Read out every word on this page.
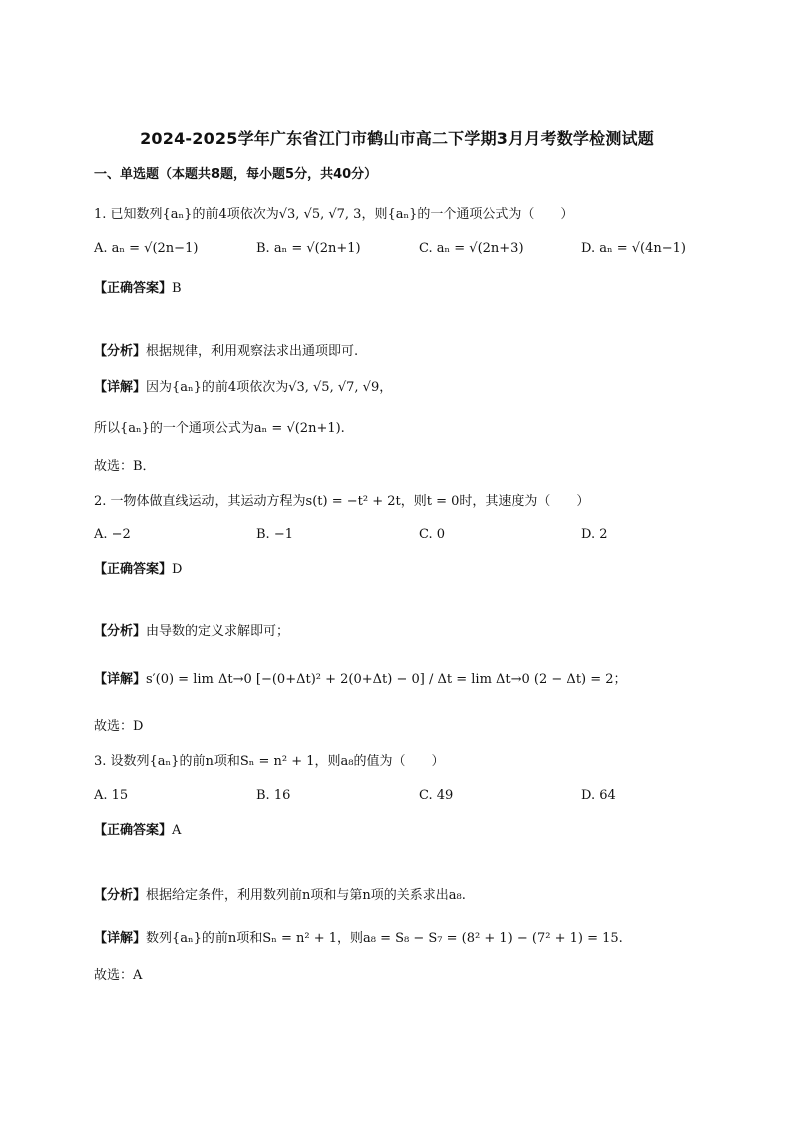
2024-2025学年广东省江门市鹤山市高二下学期3月月考数学检测试题
一、单选题（本题共8题，每小题5分，共40分）
1. 已知数列{aₙ}的前4项依次为√3, √5, √7, 3，则{aₙ}的一个通项公式为（　　）
A. aₙ = √(2n−1)	B. aₙ = √(2n+1)	C. aₙ = √(2n+3)	D. aₙ = √(4n−1)
【正确答案】B
【分析】根据规律，利用观察法求出通项即可.
【详解】因为{aₙ}的前4项依次为√3, √5, √7, √9，
所以{aₙ}的一个通项公式为aₙ = √(2n+1).
故选：B．
2. 一物体做直线运动，其运动方程为s(t) = −t² + 2t，则t = 0时，其速度为（　　）
A. −2	B. −1	C. 0	D. 2
【正确答案】D
【分析】由导数的定义求解即可；
【详解】s′(0) = lim Δt→0 [−(0+Δt)² + 2(0+Δt) − 0] / Δt = lim Δt→0 (2 − Δt) = 2；
故选：D
3. 设数列{aₙ}的前n项和Sₙ = n² + 1，则a₈的值为（　　）
A. 15	B. 16	C. 49	D. 64
【正确答案】A
【分析】根据给定条件，利用数列前n项和与第n项的关系求出a₈.
【详解】数列{aₙ}的前n项和Sₙ = n² + 1，则a₈ = S₈ − S₇ = (8² + 1) − (7² + 1) = 15.
故选：A
